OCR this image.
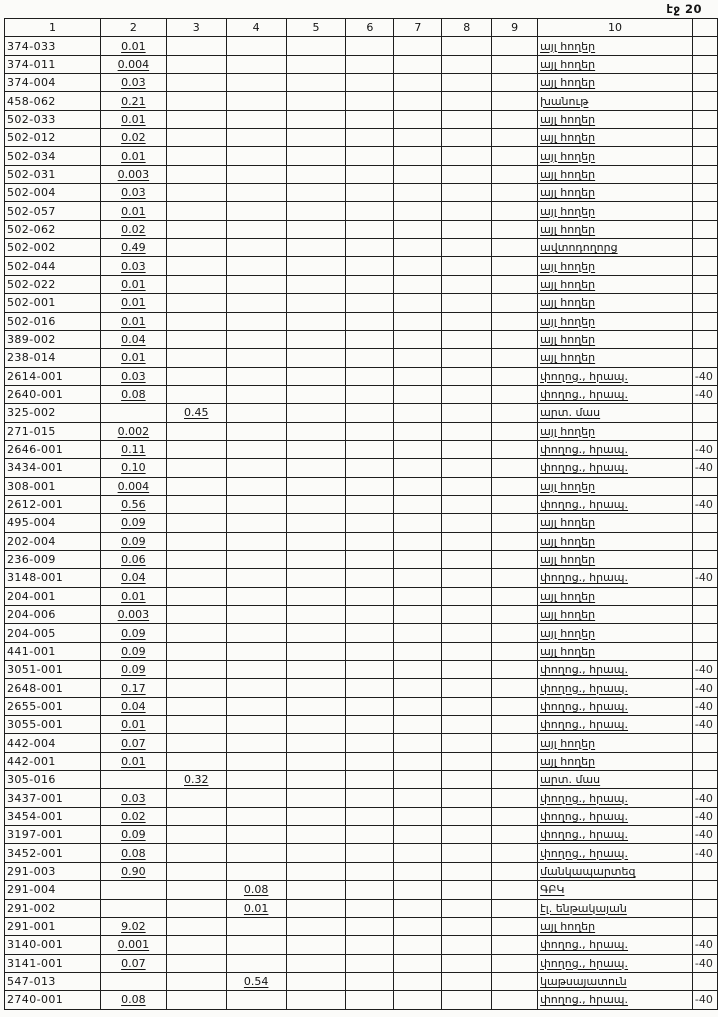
էջ 20
1	2	3	4	5	6	7	8	9	10	
374-033	0.01								այլ հողեր	
374-011	0.004								այլ հողեր	
374-004	0.03								այլ հողեր	
458-062	0.21								խանութ	
502-033	0.01								այլ հողեր	
502-012	0.02								այլ հողեր	
502-034	0.01								այլ հողեր	
502-031	0.003								այլ հողեր	
502-004	0.03								այլ հողեր	
502-057	0.01								այլ հողեր	
502-062	0.02								այլ հողեր	
502-002	0.49								ավտոդողորց	
502-044	0.03								այլ հողեր	
502-022	0.01								այլ հողեր	
502-001	0.01								այլ հողեր	
502-016	0.01								այլ հողեր	
389-002	0.04								այլ հողեր	
238-014	0.01								այլ հողեր	
2614-001	0.03								փողոց., հրապ.	-40
2640-001	0.08								փողոց., հրապ.	-40
325-002		0.45							արտ. մաս	
271-015	0.002								այլ հողեր	
2646-001	0.11								փողոց., հրապ.	-40
3434-001	0.10								փողոց., հրապ.	-40
308-001	0.004								այլ հողեր	
2612-001	0.56								փողոց., հրապ.	-40
495-004	0.09								այլ հողեր	
202-004	0.09								այլ հողեր	
236-009	0.06								այլ հողեր	
3148-001	0.04								փողոց., հրապ.	-40
204-001	0.01								այլ հողեր	
204-006	0.003								այլ հողեր	
204-005	0.09								այլ հողեր	
441-001	0.09								այլ հողեր	
3051-001	0.09								փողոց., հրապ.	-40
2648-001	0.17								փողոց., հրապ.	-40
2655-001	0.04								փողոց., հրապ.	-40
3055-001	0.01								փողոց., հրապ.	-40
442-004	0.07								այլ հողեր	
442-001	0.01								այլ հողեր	
305-016		0.32							արտ. մաս	
3437-001	0.03								փողոց., հրապ.	-40
3454-001	0.02								փողոց., հրապ.	-40
3197-001	0.09								փողոց., հրապ.	-40
3452-001	0.08								փողոց., հրապ.	-40
291-003	0.90								մանկապարտեզ	
291-004			0.08						ԳԲԿ	
291-002			0.01						էլ. ենթակայան	
291-001	9.02								այլ հողեր	
3140-001	0.001								փողոց., հրապ.	-40
3141-001	0.07								փողոց., հրապ.	-40
547-013			0.54						կաթսայատուն	
2740-001	0.08								փողոց., հրապ.	-40
